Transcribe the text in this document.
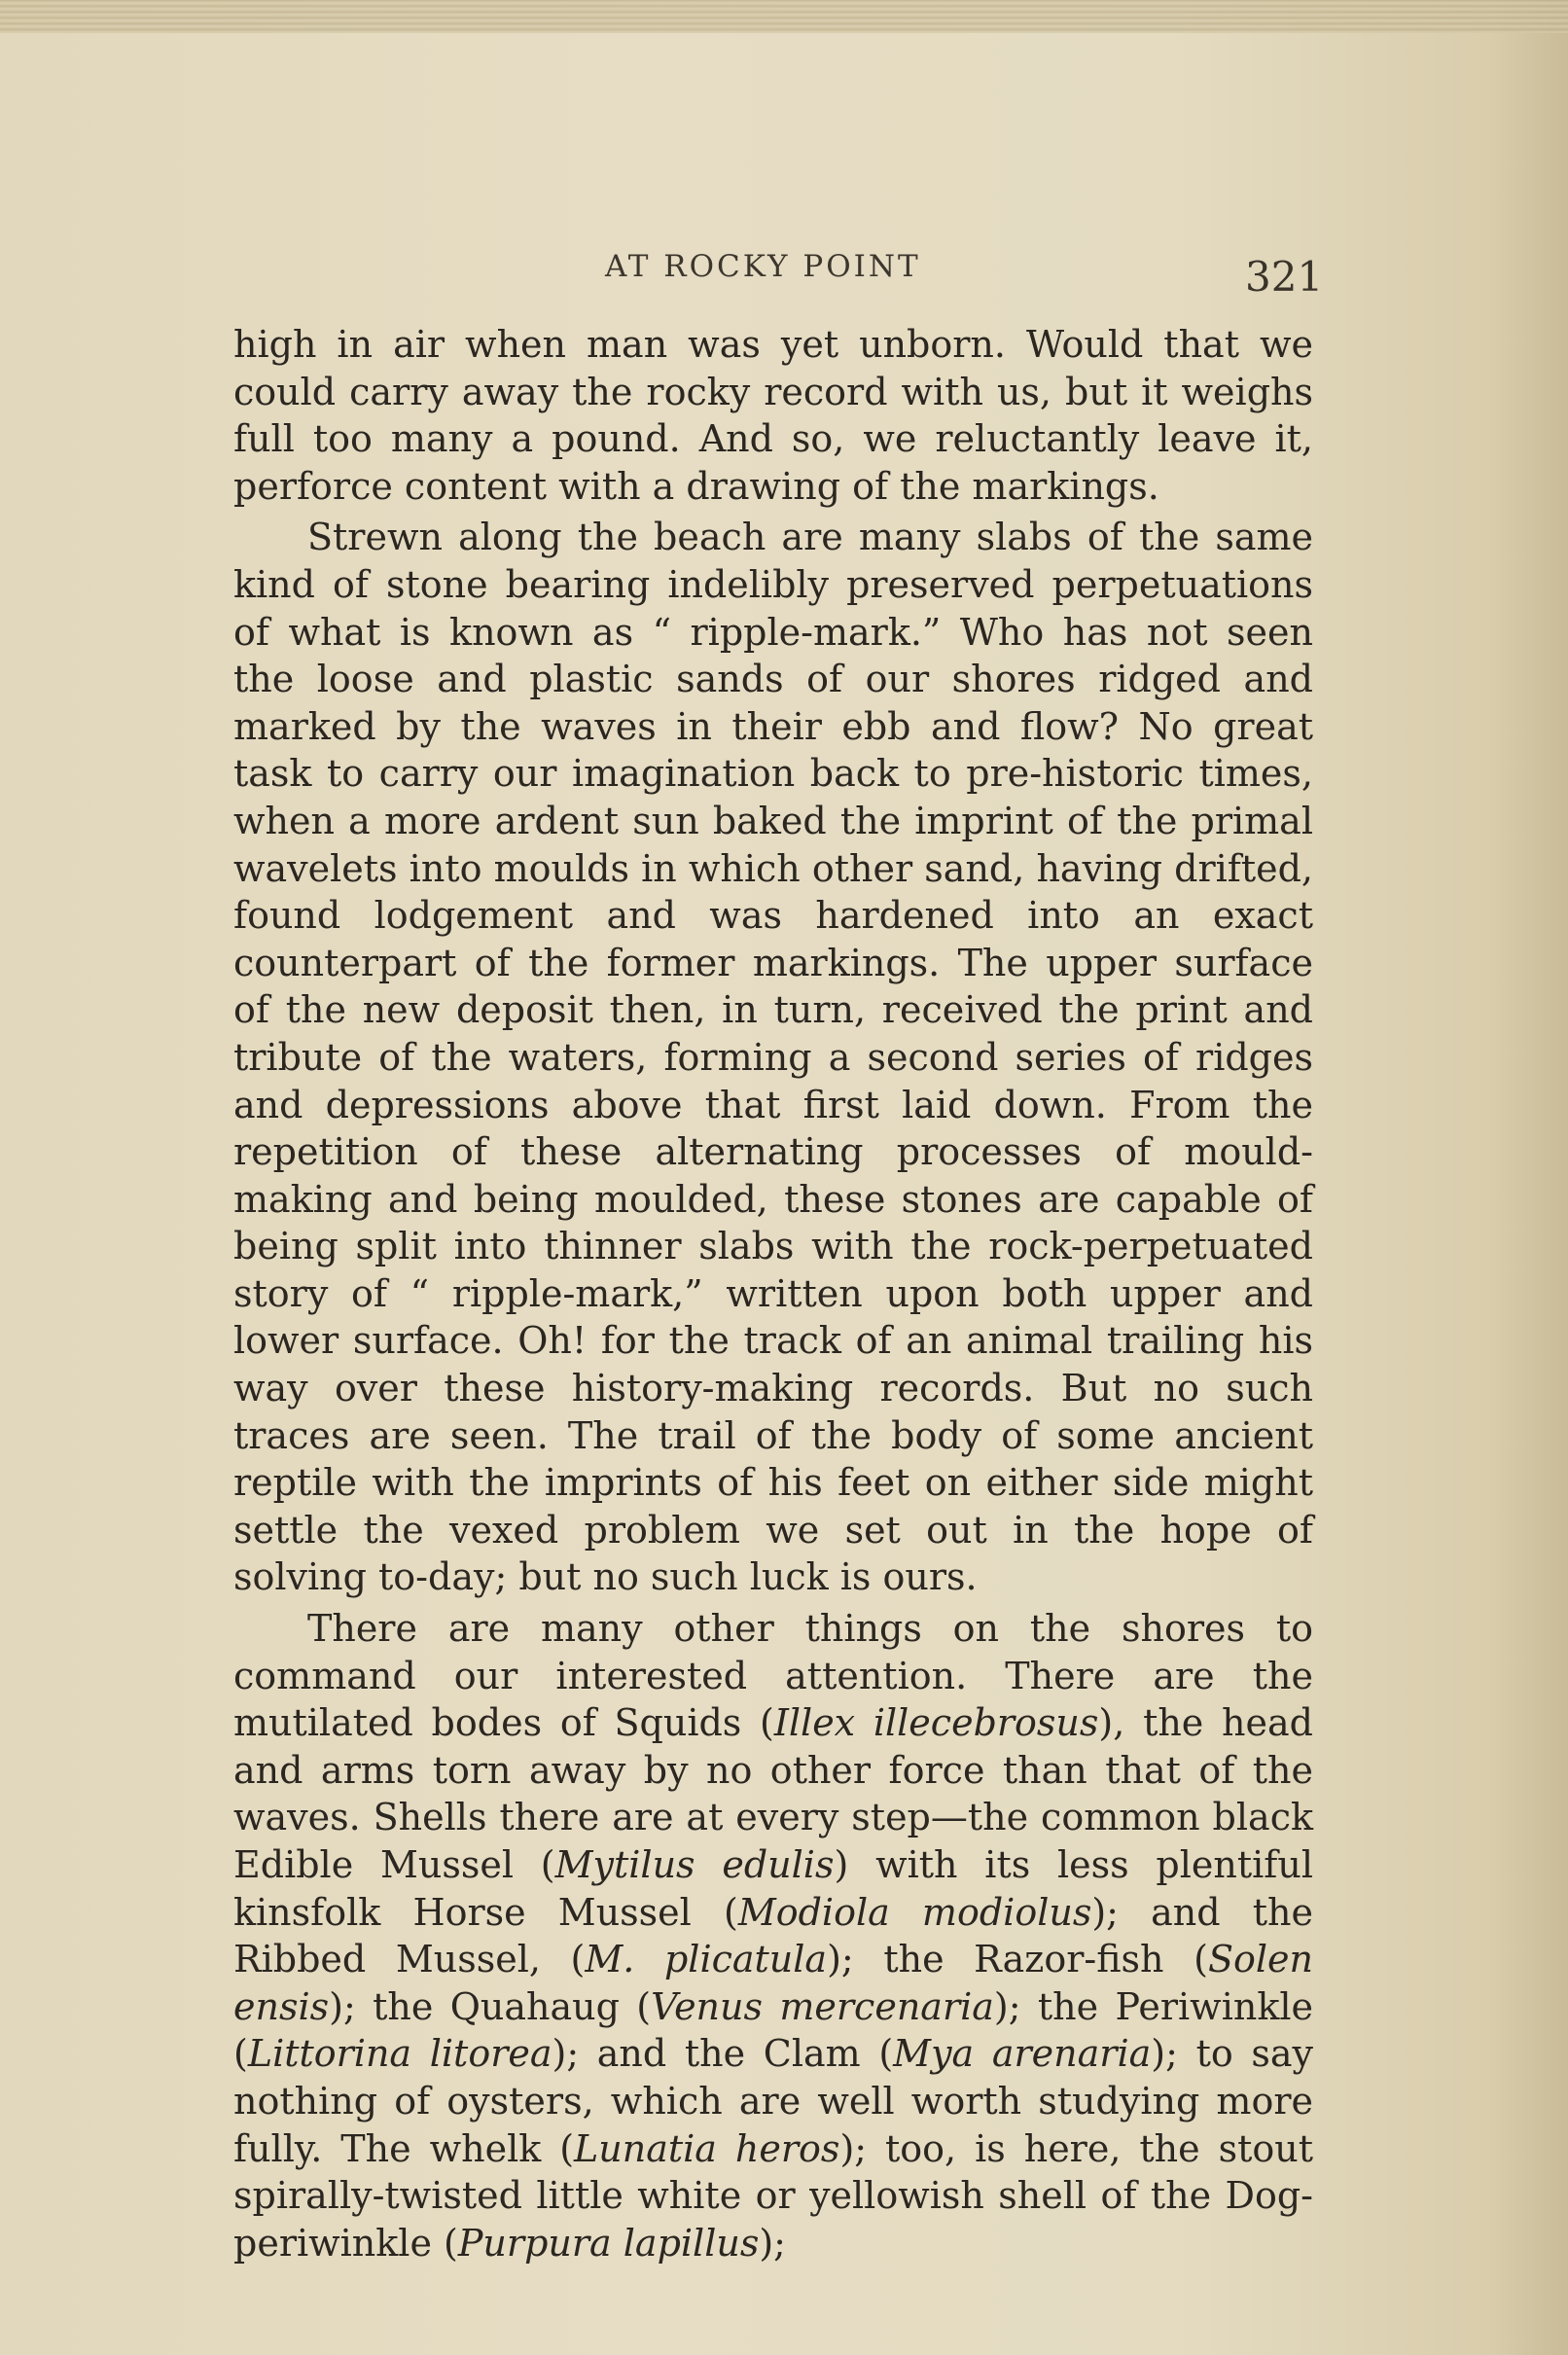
AT ROCKY POINT	321

high in air when man was yet unborn. Would that we could carry away the rocky record with us, but it weighs full too many a pound. And so, we reluctantly leave it, perforce content with a drawing of the markings.

Strewn along the beach are many slabs of the same kind of stone bearing indelibly preserved perpetuations of what is known as “ ripple-mark.” Who has not seen the loose and plastic sands of our shores ridged and marked by the waves in their ebb and flow? No great task to carry our imagination back to pre-historic times, when a more ardent sun baked the imprint of the primal wavelets into moulds in which other sand, having drifted, found lodgement and was hardened into an exact counterpart of the former markings. The upper surface of the new deposit then, in turn, received the print and tribute of the waters, forming a second series of ridges and depressions above that first laid down. From the repetition of these alternating processes of mould-making and being moulded, these stones are capable of being split into thinner slabs with the rock-perpetuated story of “ ripple-mark,” written upon both upper and lower surface. Oh! for the track of an animal trailing his way over these history-making records. But no such traces are seen. The trail of the body of some ancient reptile with the imprints of his feet on either side might settle the vexed problem we set out in the hope of solving to-day; but no such luck is ours.

There are many other things on the shores to command our interested attention. There are the mutilated bodes of Squids (Illex illecebrosus), the head and arms torn away by no other force than that of the waves. Shells there are at every step—the common black Edible Mussel (Mytilus edulis) with its less plentiful kinsfolk Horse Mussel (Modiola modiolus); and the Ribbed Mussel, (M. plicatula); the Razor-fish (Solen ensis); the Quahaug (Venus mercenaria); the Periwinkle (Littorina litorea); and the Clam (Mya arenaria); to say nothing of oysters, which are well worth studying more fully. The whelk (Lunatia heros); too, is here, the stout spirally-twisted little white or yellowish shell of the Dog-periwinkle (Purpura lapillus);
